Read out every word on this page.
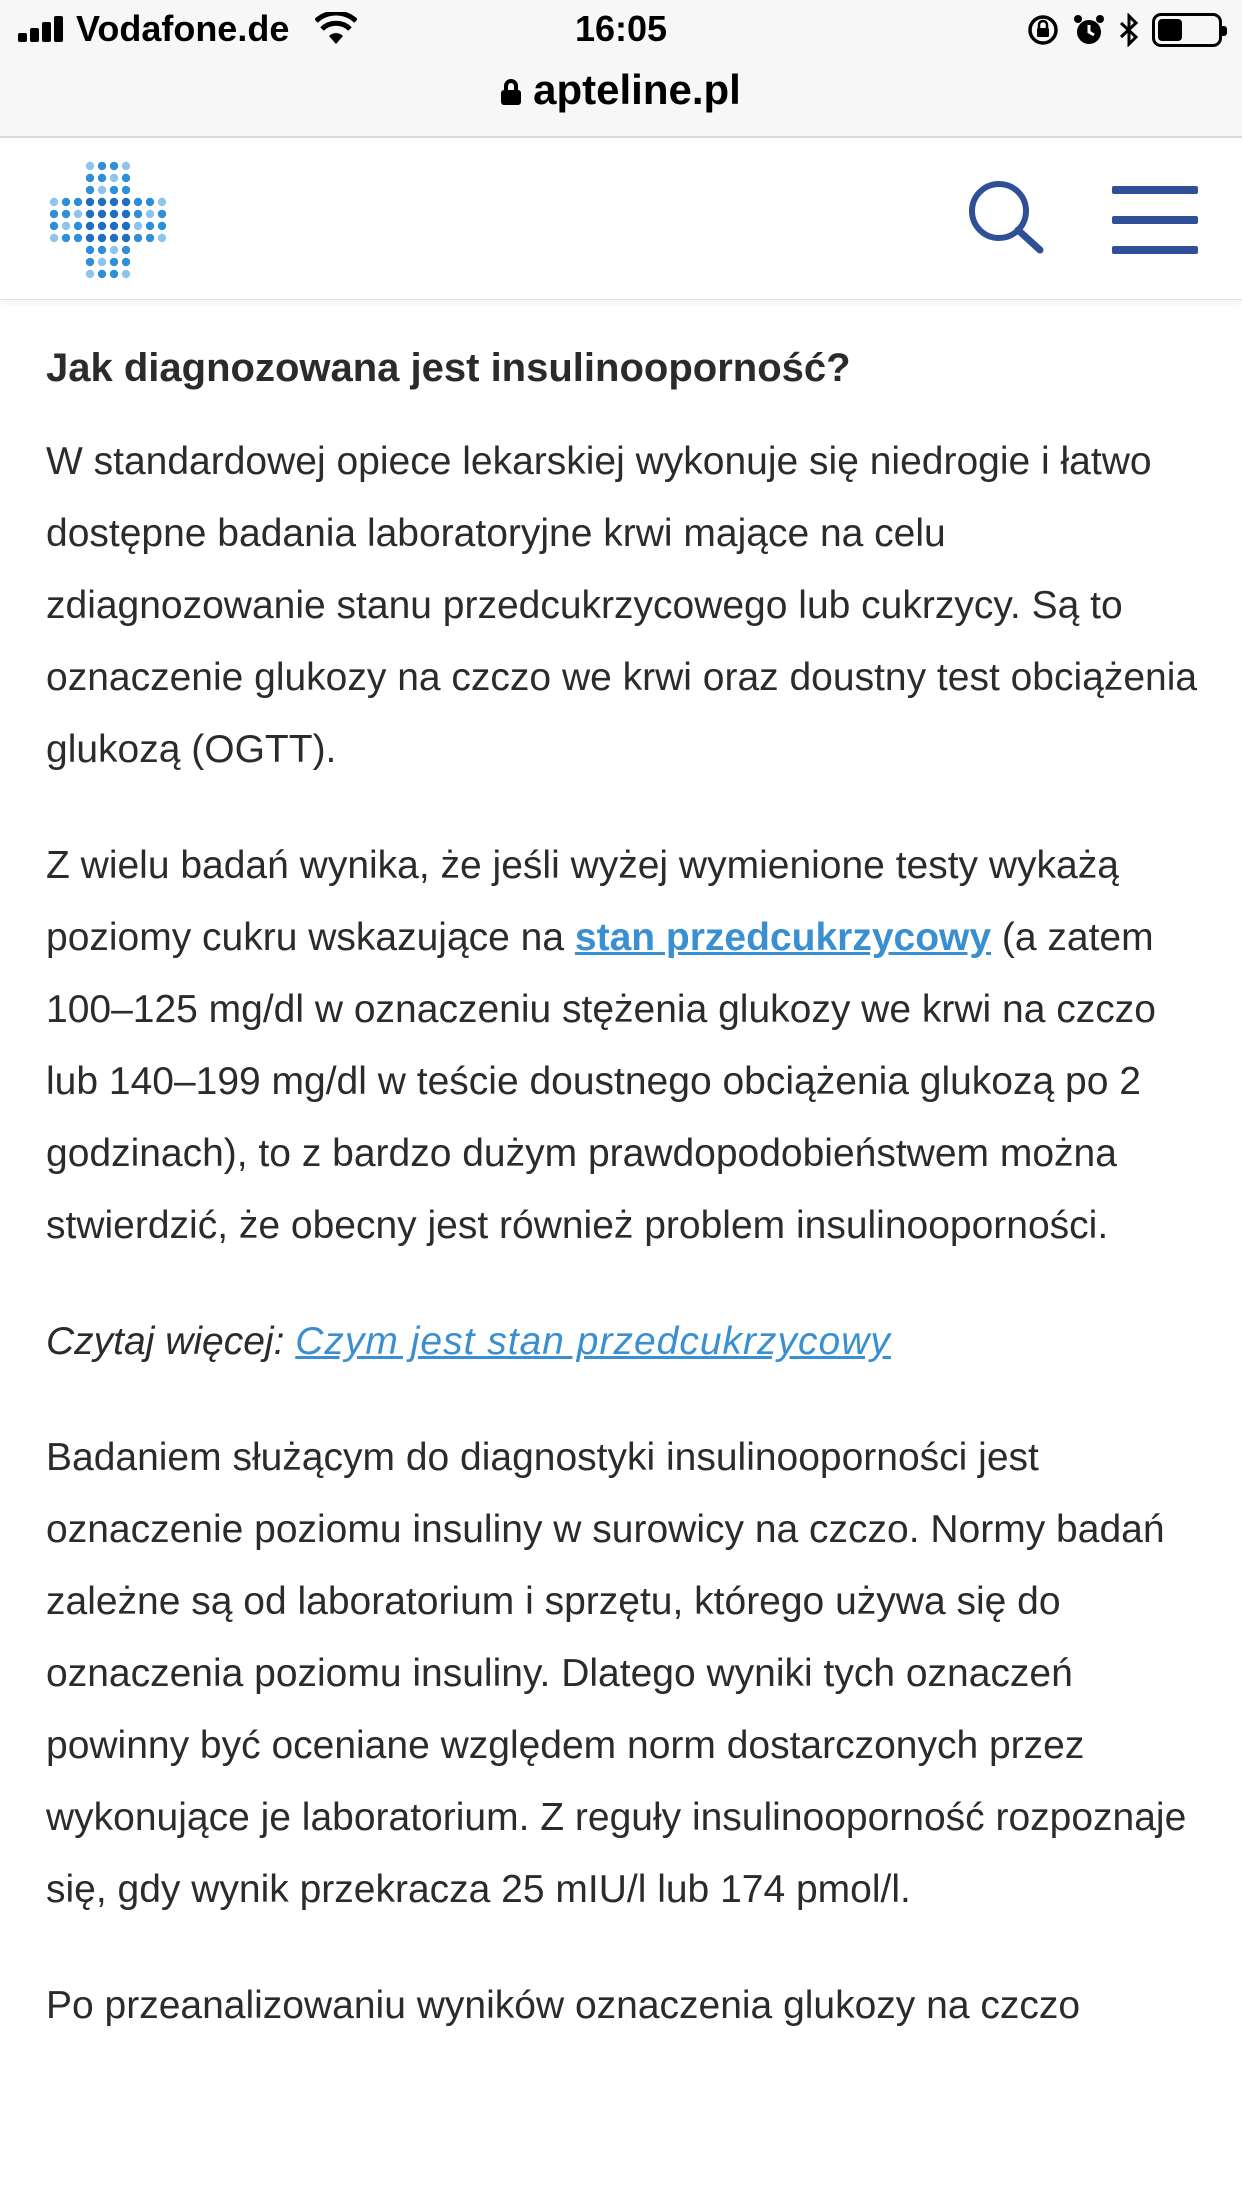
Vodafone.de	16:05
apteline.pl
Jak diagnozowana jest insulinooporność?

W standardowej opiece lekarskiej wykonuje się niedrogie i łatwo dostępne badania laboratoryjne krwi mające na celu zdiagnozowanie stanu przedcukrzycowego lub cukrzycy. Są to oznaczenie glukozy na czczo we krwi oraz doustny test obciążenia glukozą (OGTT).

Z wielu badań wynika, że jeśli wyżej wymienione testy wykażą poziomy cukru wskazujące na stan przedcukrzycowy (a zatem 100–125 mg/dl w oznaczeniu stężenia glukozy we krwi na czczo lub 140–199 mg/dl w teście doustnego obciążenia glukozą po 2 godzinach), to z bardzo dużym prawdopodobieństwem można stwierdzić, że obecny jest również problem insulinooporności.

Czytaj więcej: Czym jest stan przedcukrzycowy

Badaniem służącym do diagnostyki insulinooporności jest oznaczenie poziomu insuliny w surowicy na czczo. Normy badań zależne są od laboratorium i sprzętu, którego używa się do oznaczenia poziomu insuliny. Dlatego wyniki tych oznaczeń powinny być oceniane względem norm dostarczonych przez wykonujące je laboratorium. Z reguły insulinooporność rozpoznaje się, gdy wynik przekracza 25 mIU/l lub 174 pmol/l.

Po przeanalizowaniu wyników oznaczenia glukozy na czczo
